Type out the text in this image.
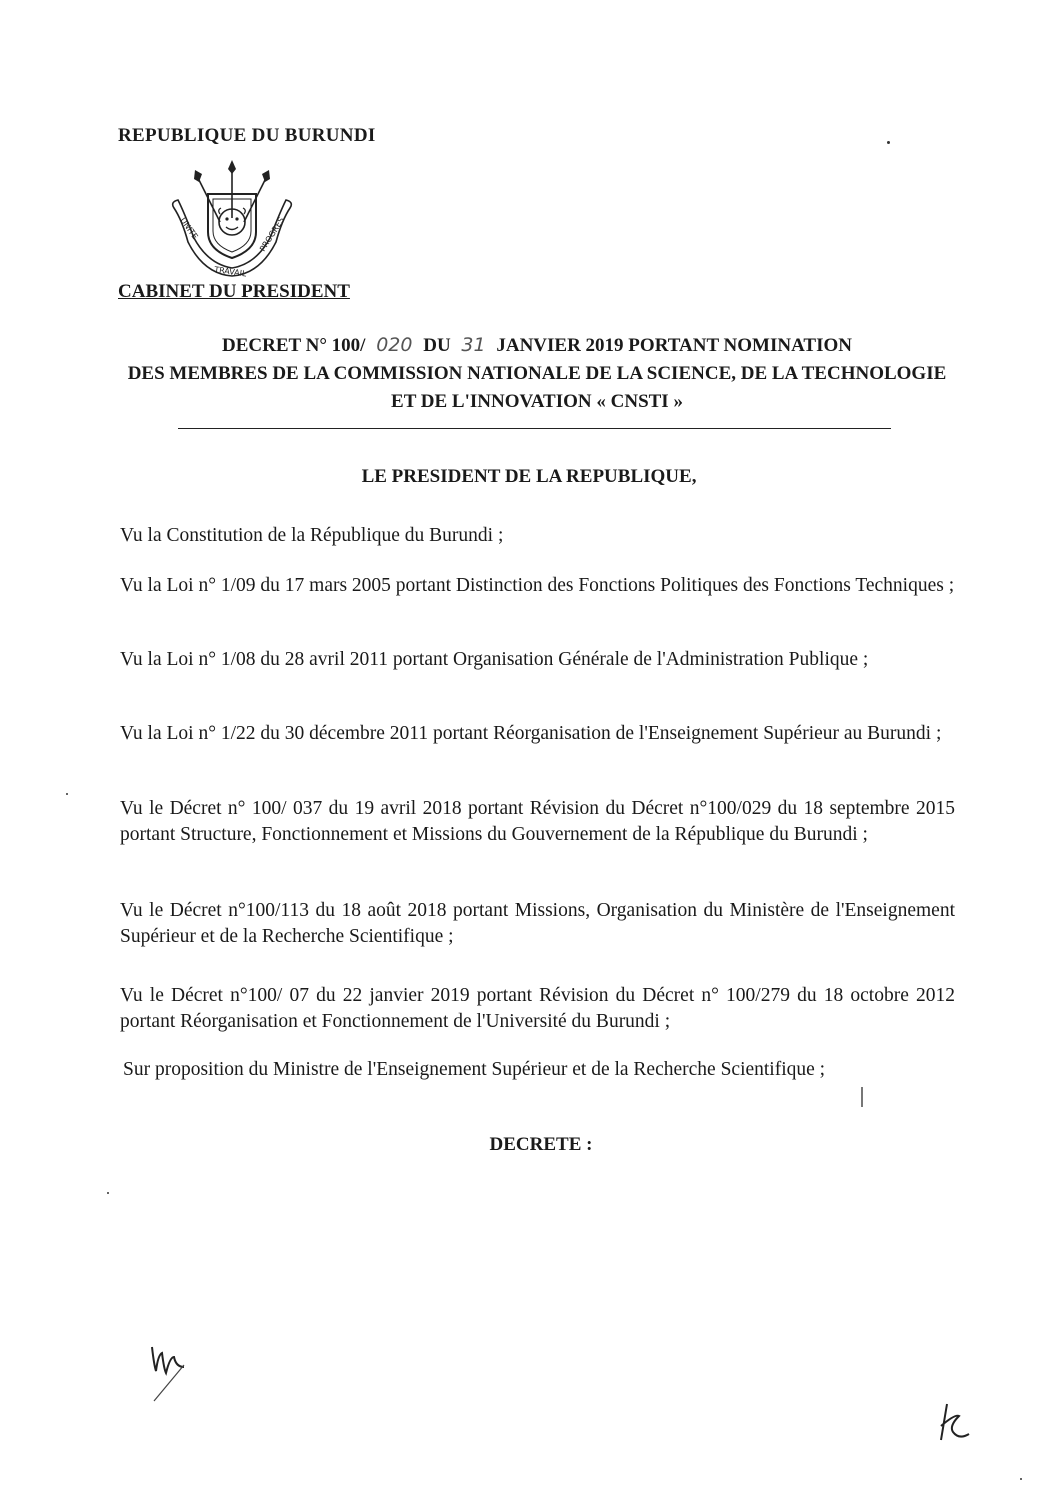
REPUBLIQUE DU BURUNDI
UNITE
TRAVAIL
PROGRES
CABINET DU PRESIDENT
DECRET N° 100/ 020 DU 31 JANVIER 2019 PORTANT NOMINATION
DES MEMBRES DE LA COMMISSION NATIONALE DE LA SCIENCE, DE LA TECHNOLOGIE
ET DE L'INNOVATION « CNSTI »
LE PRESIDENT DE LA REPUBLIQUE,

Vu la Constitution de la République du Burundi ;

Vu la Loi n° 1/09 du 17 mars 2005 portant Distinction des Fonctions Politiques des Fonctions Techniques ;

Vu la Loi n° 1/08 du 28 avril 2011 portant Organisation Générale de l'Administration Publique ;

Vu la Loi n° 1/22 du 30 décembre 2011 portant Réorganisation de l'Enseignement Supérieur au Burundi ;

Vu le Décret n° 100/ 037 du 19 avril 2018 portant Révision du Décret n°100/029 du 18 septembre 2015 portant Structure, Fonctionnement et Missions du Gouvernement de la République du Burundi ;

Vu le Décret n°100/113 du 18 août 2018 portant Missions, Organisation du Ministère de l'Enseignement Supérieur et de la Recherche Scientifique ;

Vu le Décret n°100/ 07 du 22 janvier 2019 portant Révision du Décret n° 100/279 du 18 octobre 2012 portant Réorganisation et Fonctionnement de l'Université du Burundi ;

Sur proposition du Ministre de l'Enseignement Supérieur et de la Recherche Scientifique ;

DECRETE :
